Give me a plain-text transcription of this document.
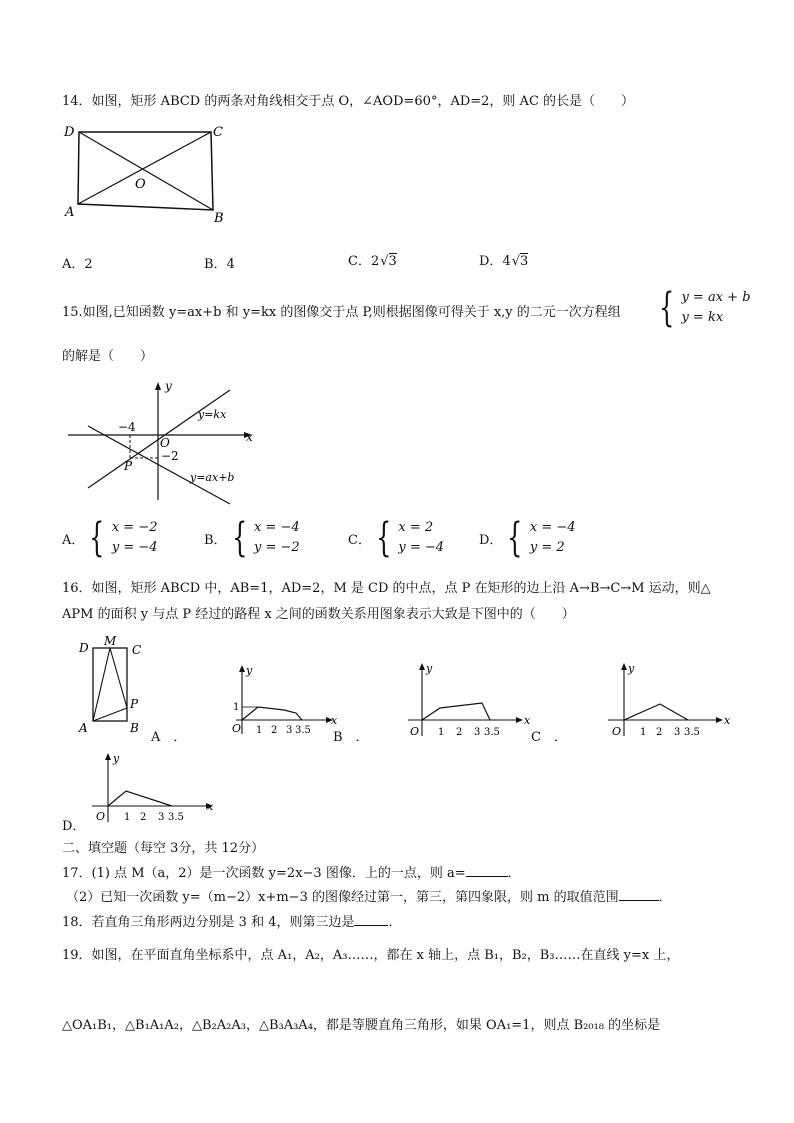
14．如图，矩形 ABCD 的两条对角线相交于点 O，∠AOD=60°，AD=2，则 AC 的长是（　　）
D	C
A	B
O
A．2	B．4	C．2√3	D．4√3
15.如图,已知函数 y=ax+b 和 y=kx 的图像交于点 P,则根据图像可得关于 x,y 的二元一次方程组 { y = ax + b
y = kx
的解是（　　）
y
x
O
−4
−2
P
y=kx
y=ax+b
A． { x = −2
y = −4	B． { x = −4
y = −2	C． { x = 2
y = −4	D． { x = −4
y = 2
16．如图，矩形 ABCD 中，AB=1，AD=2，M 是 CD 的中点，点 P 在矩形的边上沿 A→B→C→M 运动，则△
APM 的面积 y 与点 P 经过的路程 x 之间的函数关系用图象表示大致是下图中的（　　）
D M
C
P
A	B
A　．
y
x
1
O 1 2 3 3.5 B　．
y
x
O 1 2 3 3.5 C　．
y
x
O 1 2 3 3.5
y
x
O 1 2 3 3.5
D．
二、填空题（每空 3分，共 12分）
17．(1) 点 M（a，2）是一次函数 y=2x−3 图像．上的一点，则 a=	．
（2）已知一次函数 y=（m−2）x+m−3 的图像经过第一，第三，第四象限，则 m 的取值范围	．
18．若直角三角形两边分别是 3 和 4，则第三边是	．
19．如图，在平面直角坐标系中，点 A₁，A₂，A₃……，都在 x 轴上，点 B₁，B₂，B₃……在直线 y=x 上，
△OA₁B₁，△B₁A₁A₂，△B₂A₂A₃，△B₃A₃A₄，都是等腰直角三角形，如果 OA₁=1，则点 B₂₀₁₈ 的坐标是
